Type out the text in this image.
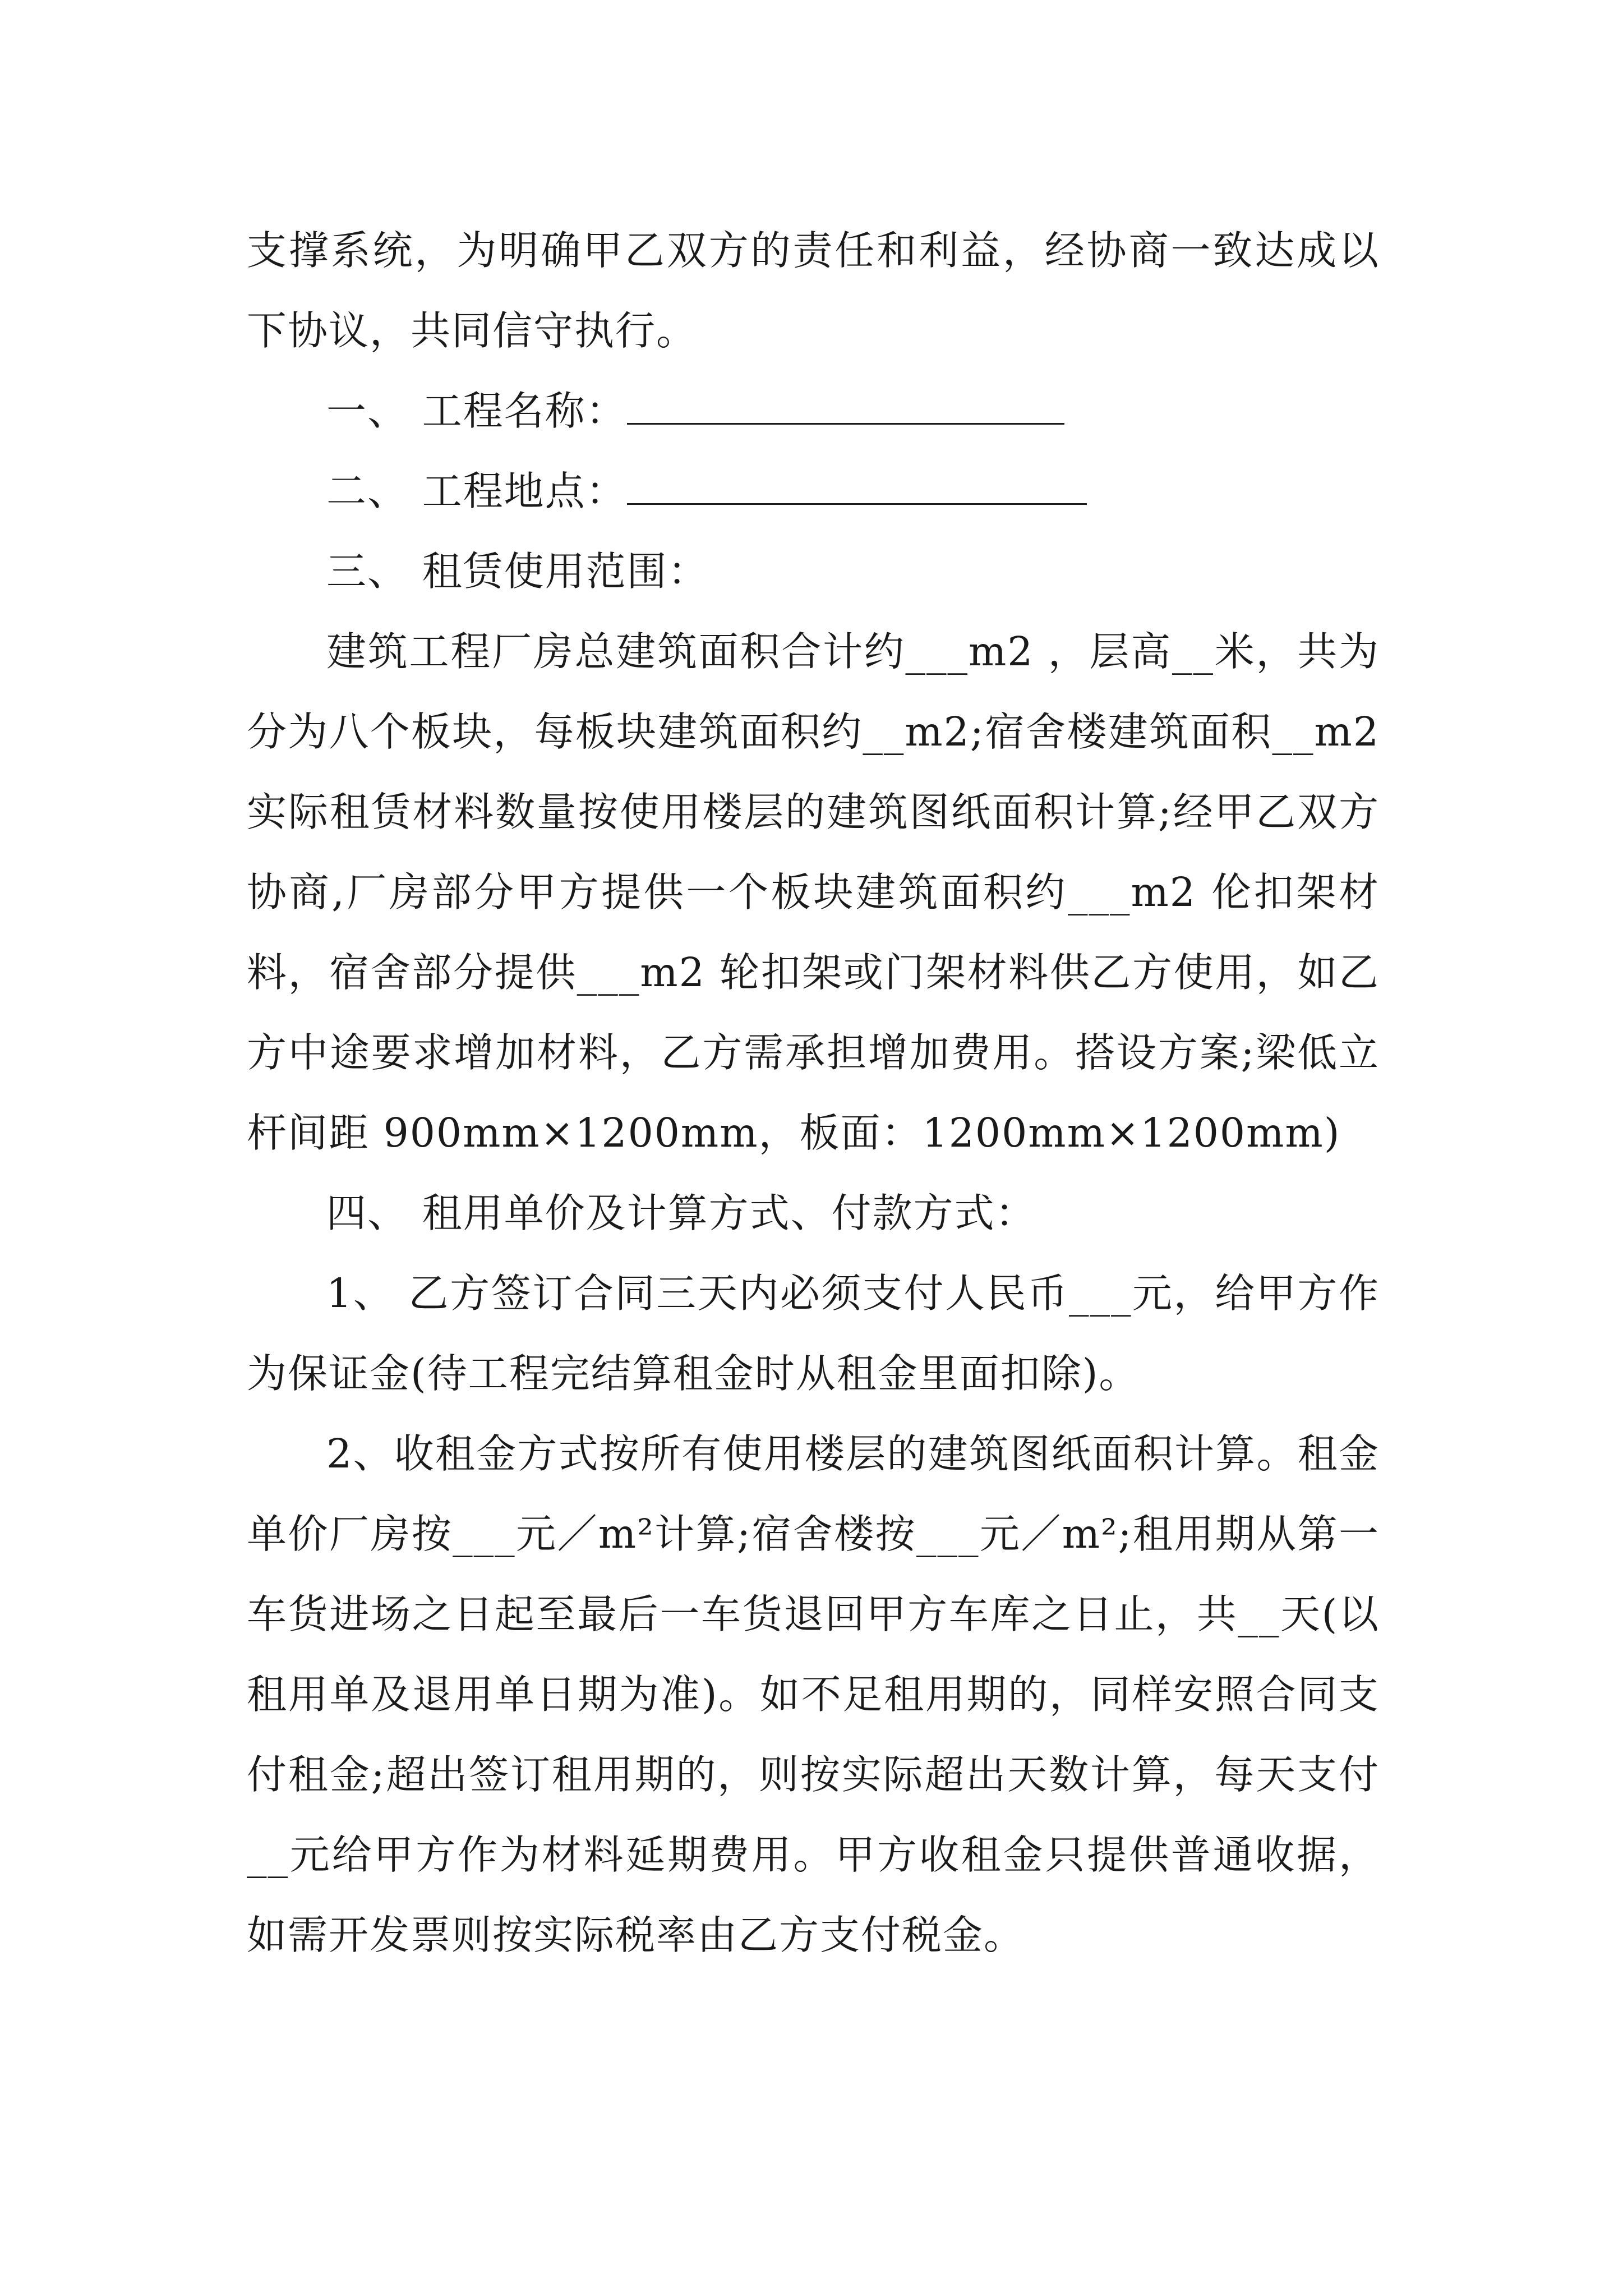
支撑系统，为明确甲乙双方的责任和利益，经协商一致达成以下协议，共同信守执行。

一、 工程名称：

二、 工程地点：

三、 租赁使用范围：

建筑工程厂房总建筑面积合计约___m2 ，层高__米，共为分为八个板块，每板块建筑面积约__m2;宿舍楼建筑面积__m2 实际租赁材料数量按使用楼层的建筑图纸面积计算;经甲乙双方协商,厂房部分甲方提供一个板块建筑面积约___m2 伦扣架材料，宿舍部分提供___m2 轮扣架或门架材料供乙方使用，如乙方中途要求增加材料，乙方需承担增加费用。搭设方案;梁低立杆间距 900mm×1200mm，板面：1200mm×1200mm)

四、 租用单价及计算方式、付款方式：

1、 乙方签订合同三天内必须支付人民币___元，给甲方作为保证金(待工程完结算租金时从租金里面扣除)。

2、收租金方式按所有使用楼层的建筑图纸面积计算。租金单价厂房按___元／m²计算;宿舍楼按___元／m²;租用期从第一车货进场之日起至最后一车货退回甲方车库之日止，共__天(以租用单及退用单日期为准)。如不足租用期的，同样安照合同支付租金;超出签订租用期的，则按实际超出天数计算，每天支付__元给甲方作为材料延期费用。甲方收租金只提供普通收据，如需开发票则按实际税率由乙方支付税金。
